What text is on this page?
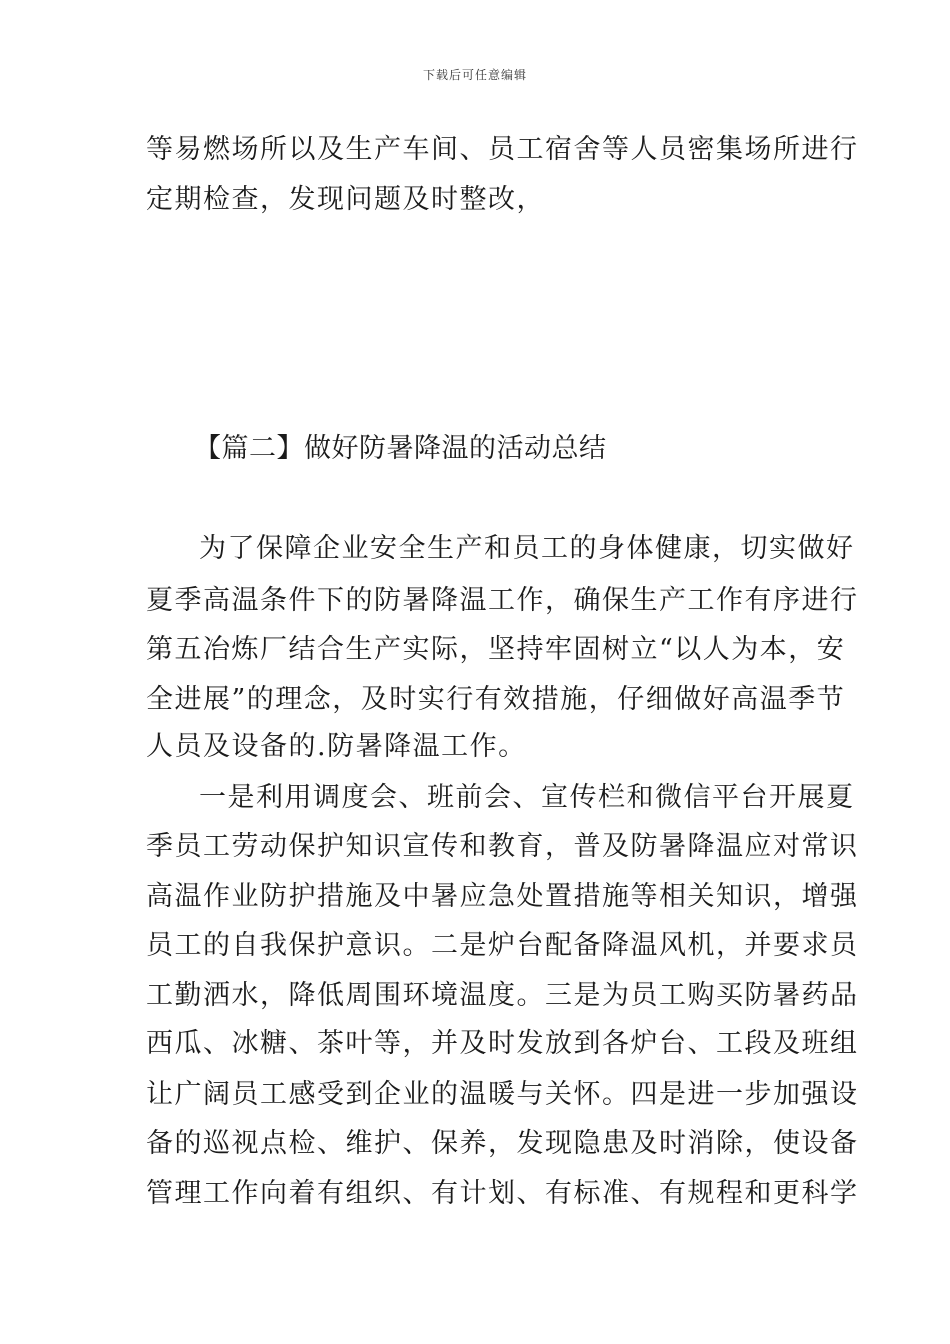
下载后可任意编辑
等易燃场所以及生产车间、员工宿舍等人员密集场所进行
定期检查，发现问题及时整改，
【篇二】做好防暑降温的活动总结
为了保障企业安全生产和员工的身体健康，切实做好
夏季高温条件下的防暑降温工作，确保生产工作有序进行
第五冶炼厂结合生产实际，坚持牢固树立“以人为本，安
全进展”的理念，及时实行有效措施，仔细做好高温季节
人员及设备的.防暑降温工作。
一是利用调度会、班前会、宣传栏和微信平台开展夏
季员工劳动保护知识宣传和教育，普及防暑降温应对常识
高温作业防护措施及中暑应急处置措施等相关知识，增强
员工的自我保护意识。二是炉台配备降温风机，并要求员
工勤洒水，降低周围环境温度。三是为员工购买防暑药品
西瓜、冰糖、茶叶等，并及时发放到各炉台、工段及班组
让广阔员工感受到企业的温暖与关怀。四是进一步加强设
备的巡视点检、维护、保养，发现隐患及时消除，使设备
管理工作向着有组织、有计划、有标准、有规程和更科学
